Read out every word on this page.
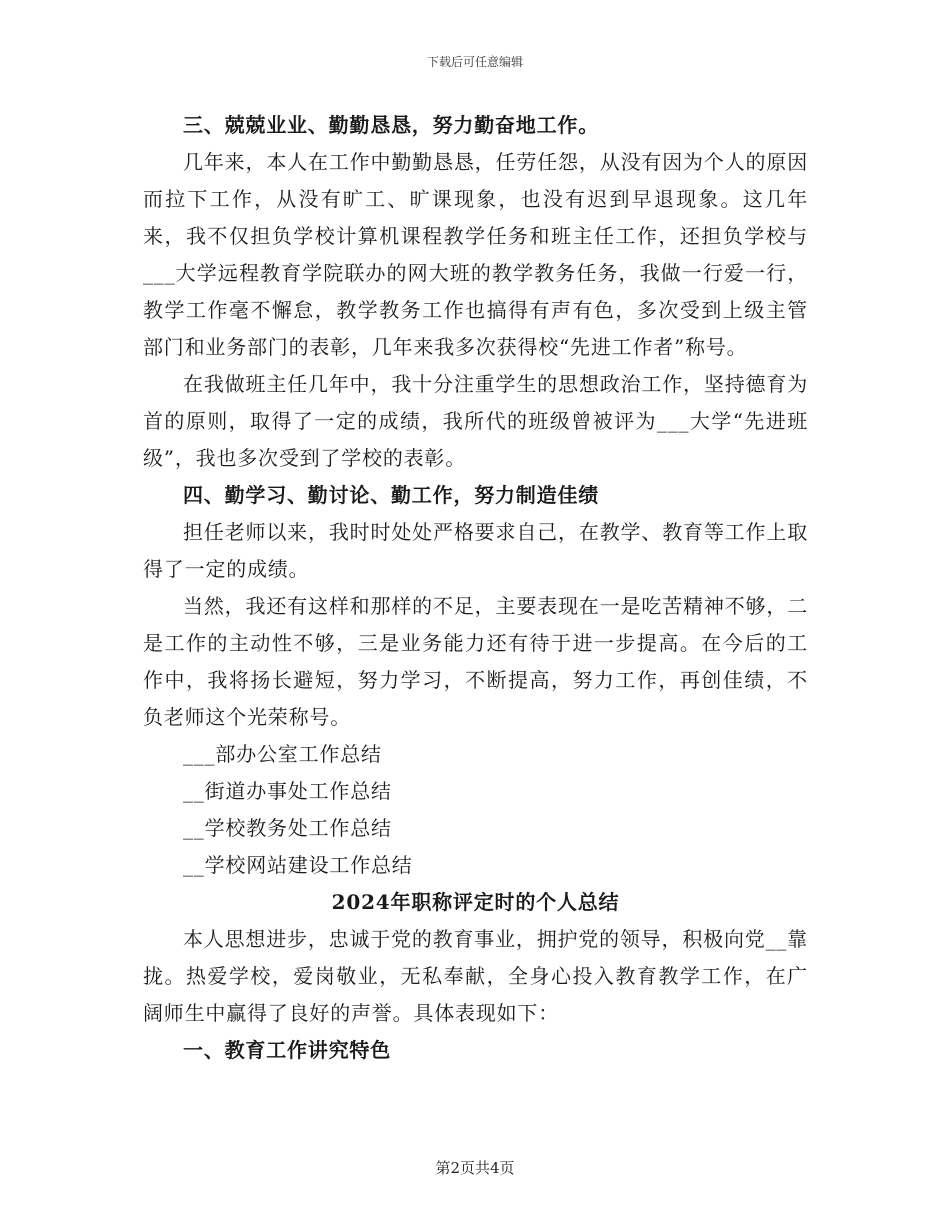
下载后可任意编辑

三、兢兢业业、勤勤恳恳，努力勤奋地工作。

几年来，本人在工作中勤勤恳恳，任劳任怨，从没有因为个人的原因而拉下工作，从没有旷工、旷课现象，也没有迟到早退现象。这几年来，我不仅担负学校计算机课程教学任务和班主任工作，还担负学校与___大学远程教育学院联办的网大班的教学教务任务，我做一行爱一行，教学工作毫不懈怠，教学教务工作也搞得有声有色，多次受到上级主管部门和业务部门的表彰，几年来我多次获得校“先进工作者”称号。

在我做班主任几年中，我十分注重学生的思想政治工作，坚持德育为首的原则，取得了一定的成绩，我所代的班级曾被评为___大学“先进班级”，我也多次受到了学校的表彰。

四、勤学习、勤讨论、勤工作，努力制造佳绩

担任老师以来，我时时处处严格要求自己，在教学、教育等工作上取得了一定的成绩。

当然，我还有这样和那样的不足，主要表现在一是吃苦精神不够，二是工作的主动性不够，三是业务能力还有待于进一步提高。在今后的工作中，我将扬长避短，努力学习，不断提高，努力工作，再创佳绩，不负老师这个光荣称号。

___部办公室工作总结

__街道办事处工作总结

__学校教务处工作总结

__学校网站建设工作总结

2024年职称评定时的个人总结

本人思想进步，忠诚于党的教育事业，拥护党的领导，积极向党__靠拢。热爱学校，爱岗敬业，无私奉献，全身心投入教育教学工作，在广阔师生中赢得了良好的声誉。具体表现如下：

一、教育工作讲究特色

第2页共4页
